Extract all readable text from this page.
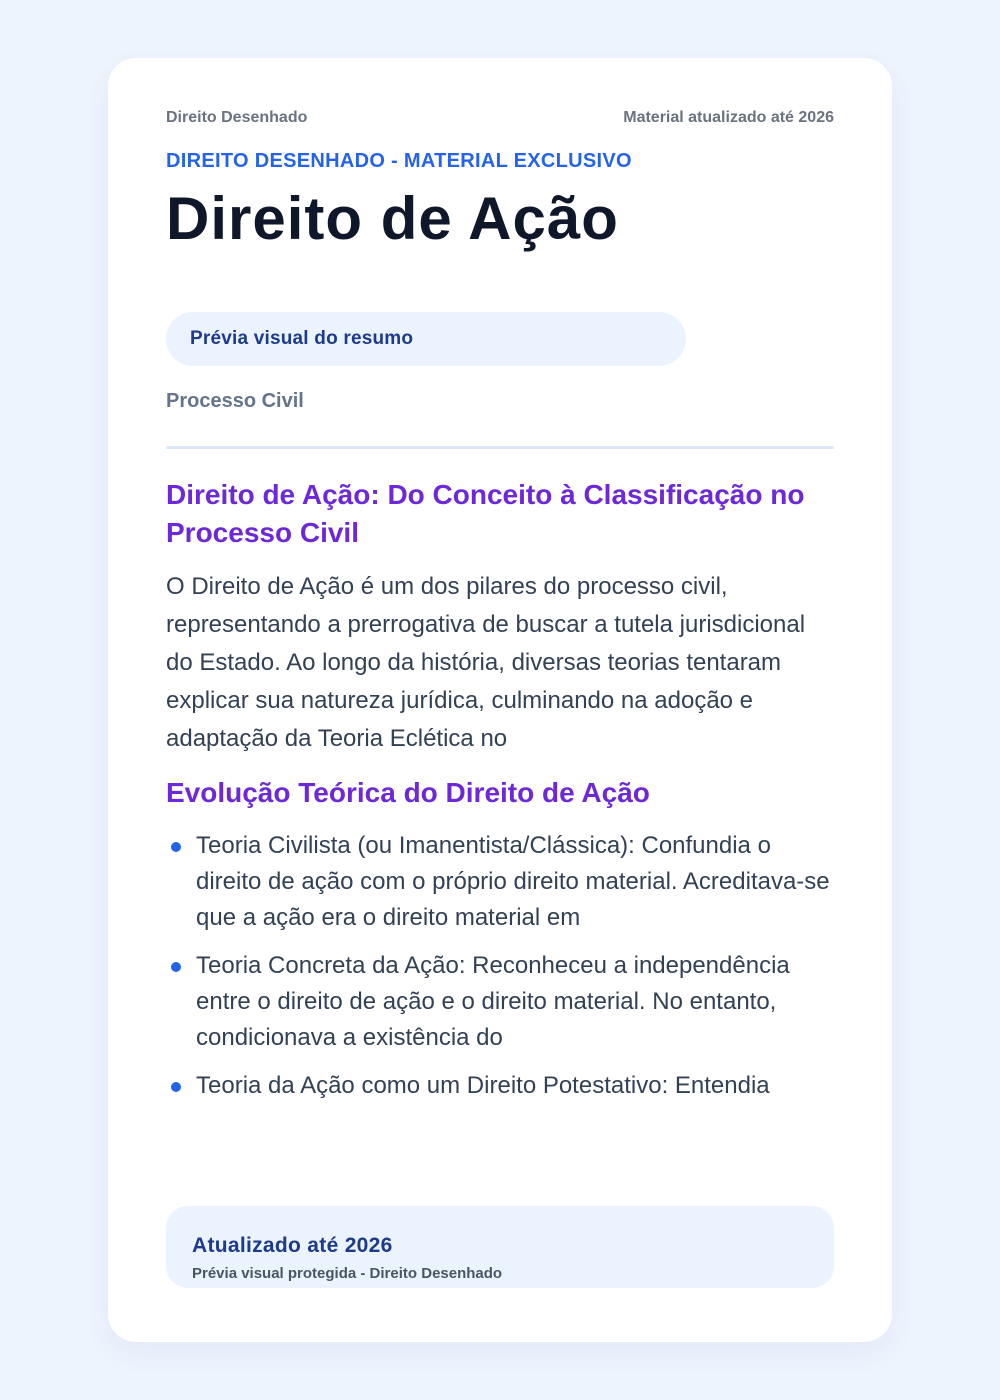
Direito Desenhado	Material atualizado até 2026
DIREITO DESENHADO - MATERIAL EXCLUSIVO
Direito de Ação
Prévia visual do resumo
Processo Civil
Direito de Ação: Do Conceito à Classificação no Processo Civil

O Direito de Ação é um dos pilares do processo civil, representando a prerrogativa de buscar a tutela jurisdicional do Estado. Ao longo da história, diversas teorias tentaram explicar sua natureza jurídica, culminando na adoção e adaptação da Teoria Eclética no

Evolução Teórica do Direito de Ação
Teoria Civilista (ou Imanentista/Clássica): Confundia o direito de ação com o próprio direito material. Acreditava-se que a ação era o direito material em
Teoria Concreta da Ação: Reconheceu a independência entre o direito de ação e o direito material. No entanto, condicionava a existência do
Teoria da Ação como um Direito Potestativo: Entendia
Atualizado até 2026
Prévia visual protegida - Direito Desenhado
